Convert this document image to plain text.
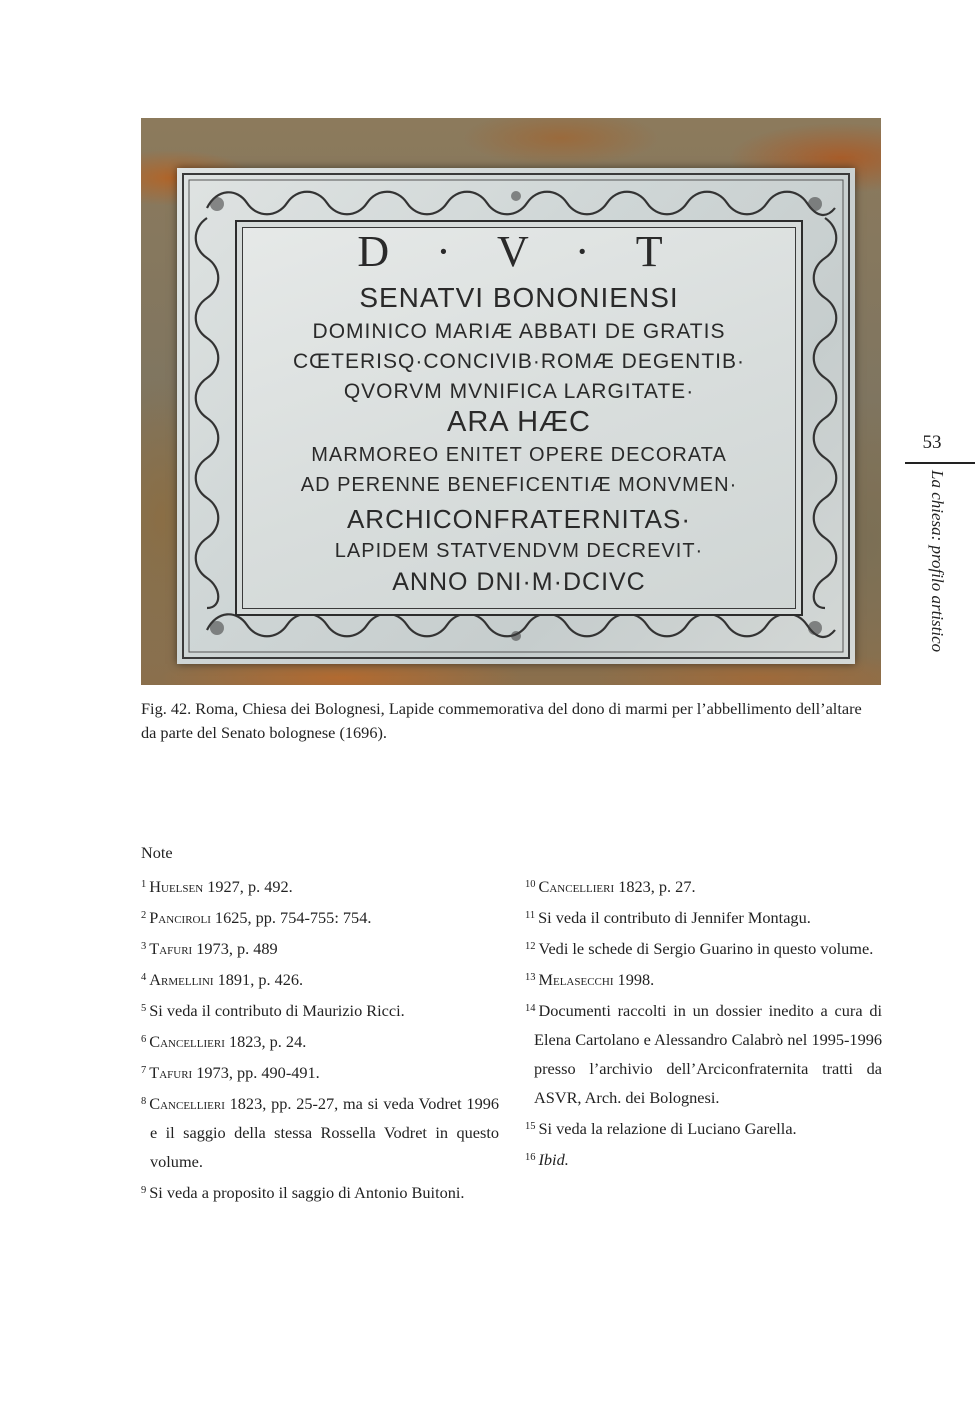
D · V · T
SENATVI BONONIENSI
DOMINICO MARIÆ ABBATI DE GRATIS
CŒTERISQ·CONCIVIB·ROMÆ DEGENTIB·
QVORVM MVNIFICA LARGITATE·
ARA HÆC
MARMOREO ENITET OPERE DECORATA
AD PERENNE BENEFICENTIÆ MONVMEN·
ARCHICONFRATERNITAS·
LAPIDEM STATVENDVM DECREVIT·
ANNO DNI·M·DCIVC
Fig. 42. Roma, Chiesa dei Bolognesi, Lapide commemorativa del dono di marmi per l’abbellimento dell’altare da parte del Senato bolognese (1696).
53
La chiesa: profilo artistico
Note
$^1$ Huelsen 1927, p. 492.
$^2$ Panciroli 1625, pp. 754-755: 754.
$^3$ Tafuri 1973, p. 489
$^4$ Armellini 1891, p. 426.
$^5$ Si veda il contributo di Maurizio Ricci.
$^6$ Cancellieri 1823, p. 24.
$^7$ Tafuri 1973, pp. 490-491.
$^8$ Cancellieri 1823, pp. 25-27, ma si veda Vodret 1996 e il saggio della stessa Rossella Vodret in questo volume.
$^9$ Si veda a proposito il saggio di Antonio Buitoni.
$^{10}$ Cancellieri 1823, p. 27.
$^{11}$ Si veda il contributo di Jennifer Montagu.
$^{12}$ Vedi le schede di Sergio Guarino in questo volume.
$^{13}$ Melasecchi 1998.
$^{14}$ Documenti raccolti in un dossier inedito a cura di Elena Cartolano e Alessandro Calabrò nel 1995-1996 presso l’archivio dell’Arciconfraternita tratti da ASVR, Arch. dei Bolognesi.
$^{15}$ Si veda la relazione di Luciano Garella.
$^{16}$ Ibid.
